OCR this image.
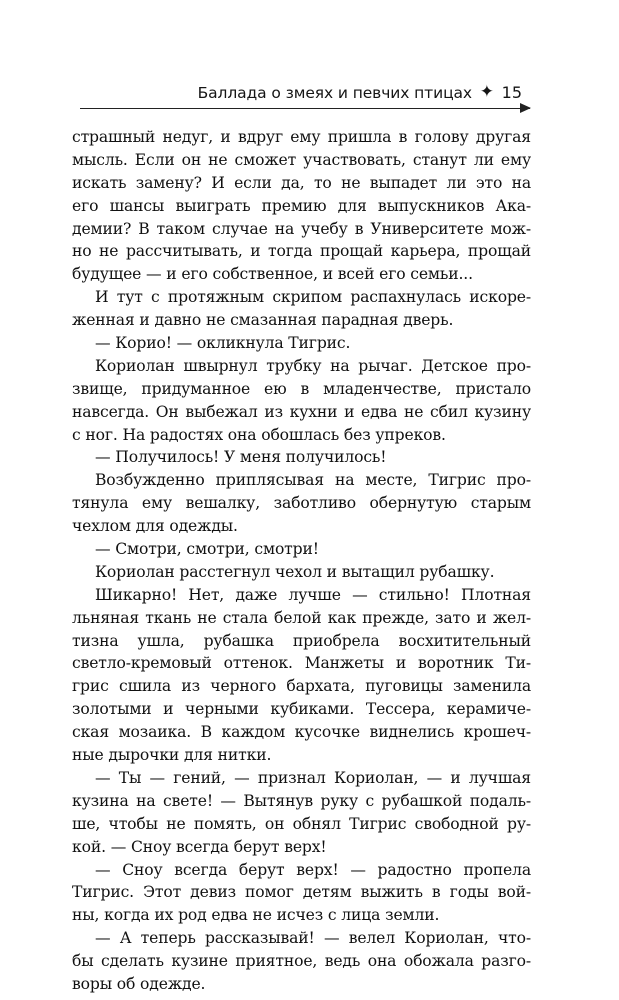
Баллада о змеях и певчих птицах ✦ 15
страшный недуг, и вдруг ему пришла в голову другая
мысль. Если он не сможет участвовать, станут ли ему
искать замену? И если да, то не выпадет ли это на
его шансы выиграть премию для выпускников Ака-
демии? В таком случае на учебу в Университете мож-
но не рассчитывать, и тогда прощай карьера, прощай
будущее — и его собственное, и всей его семьи...
И тут с протяжным скрипом распахнулась искоре-
женная и давно не смазанная парадная дверь.
— Корио! — окликнула Тигрис.
Кориолан швырнул трубку на рычаг. Детское про-
звище, придуманное ею в младенчестве, пристало
навсегда. Он выбежал из кухни и едва не сбил кузину
с ног. На радостях она обошлась без упреков.
— Получилось! У меня получилось!
Возбужденно приплясывая на месте, Тигрис про-
тянула ему вешалку, заботливо обернутую старым
чехлом для одежды.
— Смотри, смотри, смотри!
Кориолан расстегнул чехол и вытащил рубашку.
Шикарно! Нет, даже лучше — стильно! Плотная
льняная ткань не стала белой как прежде, зато и жел-
тизна ушла, рубашка приобрела восхитительный
светло-кремовый оттенок. Манжеты и воротник Ти-
грис сшила из черного бархата, пуговицы заменила
золотыми и черными кубиками. Тессера, керамиче-
ская мозаика. В каждом кусочке виднелись крошеч-
ные дырочки для нитки.
— Ты — гений, — признал Кориолан, — и лучшая
кузина на свете! — Вытянув руку с рубашкой подаль-
ше, чтобы не помять, он обнял Тигрис свободной ру-
кой. — Сноу всегда берут верх!
— Сноу всегда берут верх! — радостно пропела
Тигрис. Этот девиз помог детям выжить в годы вой-
ны, когда их род едва не исчез с лица земли.
— А теперь рассказывай! — велел Кориолан, что-
бы сделать кузине приятное, ведь она обожала разго-
воры об одежде.
